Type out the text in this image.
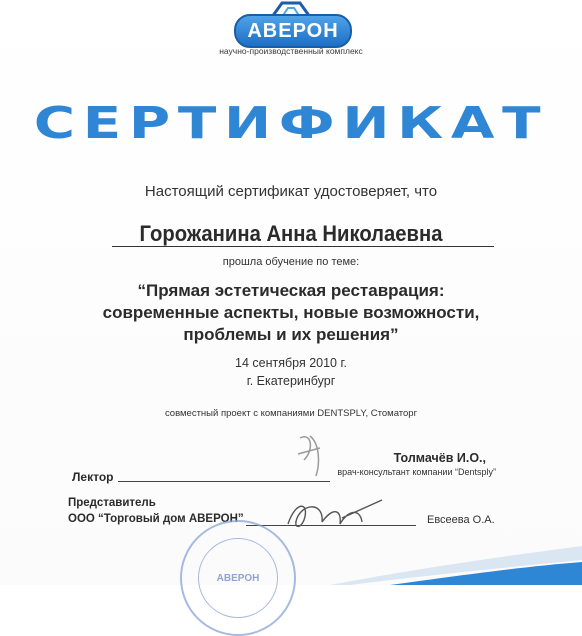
АВЕРОН
научно-производственный комплекс
СЕРТИФИКАТ
Настоящий сертификат удостоверяет, что
Горожанина Анна Николаевна
прошла обучение по теме:
“Прямая эстетическая реставрация:
современные аспекты, новые возможности,
проблемы и их решения”
14 сентября 2010 г.
г. Екатеринбург
совместный проект с компаниями DENTSPLY, Стоматорг
Толмачёв И.О.,
врач-консультант компании “Dentsply”
Лектор
Представитель
ООО “Торговый дом АВЕРОН”	Евсеева О.А.
АВЕРОН
